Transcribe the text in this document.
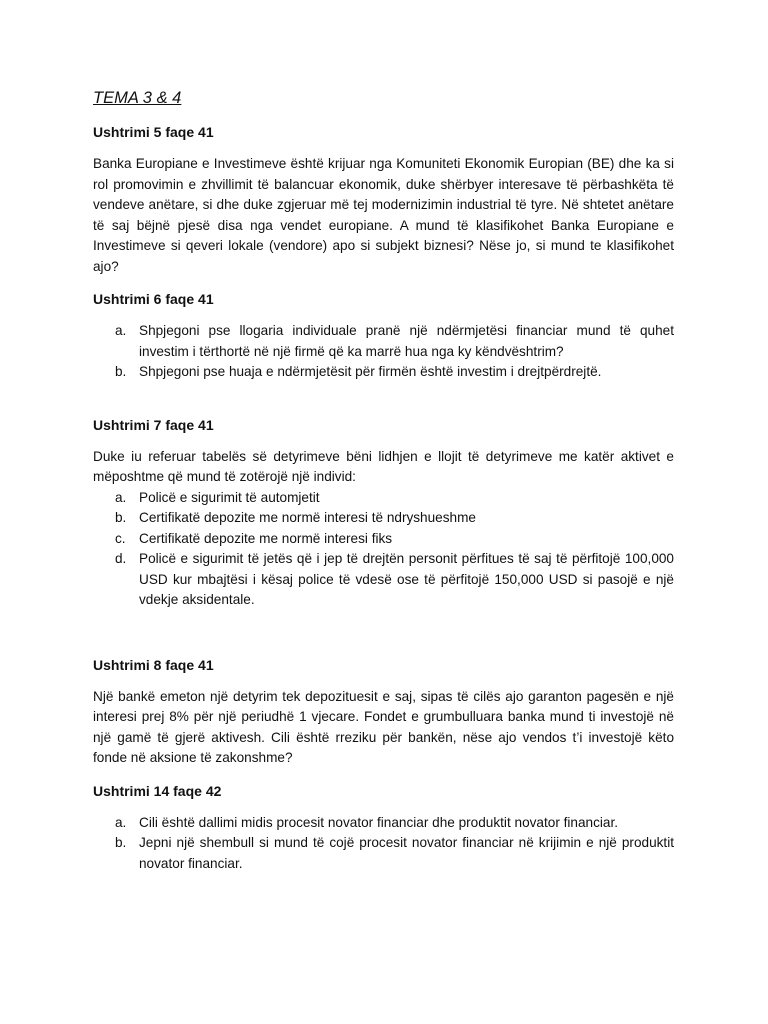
TEMA 3 & 4
Ushtrimi 5 faqe 41
Banka Europiane e Investimeve është krijuar nga Komuniteti Ekonomik Europian (BE) dhe ka si rol promovimin e zhvillimit të balancuar ekonomik, duke shërbyer interesave të përbashkëta të vendeve anëtare, si dhe duke zgjeruar më tej modernizimin industrial të tyre. Në shtetet anëtare të saj bëjnë pjesë disa nga vendet europiane. A mund të klasifikohet Banka Europiane e Investimeve si qeveri lokale (vendore) apo si subjekt biznesi? Nëse jo, si mund te klasifikohet ajo?
Ushtrimi 6 faqe 41
a. Shpjegoni pse llogaria individuale pranë një ndërmjetësi financiar mund të quhet investim i tërthortë në një firmë që ka marrë hua nga ky këndvështrim?
b. Shpjegoni pse huaja e ndërmjetësit për firmën është investim i drejtpërdrejtë.
Ushtrimi 7 faqe 41
Duke iu referuar tabelës së detyrimeve bëni lidhjen e llojit të detyrimeve me katër aktivet e mëposhtme që mund të zotërojë një individ:
a. Policë e sigurimit të automjetit
b. Certifikatë depozite me normë interesi të ndryshueshme
c. Certifikatë depozite me normë interesi fiks
d. Policë e sigurimit të jetës që i jep të drejtën personit përfitues të saj të përfitojë 100,000 USD kur mbajtësi i kësaj police të vdesë ose të përfitojë 150,000 USD si pasojë e një vdekje aksidentale.
Ushtrimi 8 faqe 41
Një bankë emeton një detyrim tek depozituesit e saj, sipas të cilës ajo garanton pagesën e një interesi prej 8% për një periudhë 1 vjecare. Fondet e grumbulluara banka mund ti investojë në një gamë të gjerë aktivesh. Cili është rreziku për bankën, nëse ajo vendos t’i investojë këto fonde në aksione të zakonshme?
Ushtrimi 14 faqe 42
a. Cili është dallimi midis procesit novator financiar dhe produktit novator financiar.
b. Jepni një shembull si mund të cojë procesit novator financiar në krijimin e një produktit novator financiar.
